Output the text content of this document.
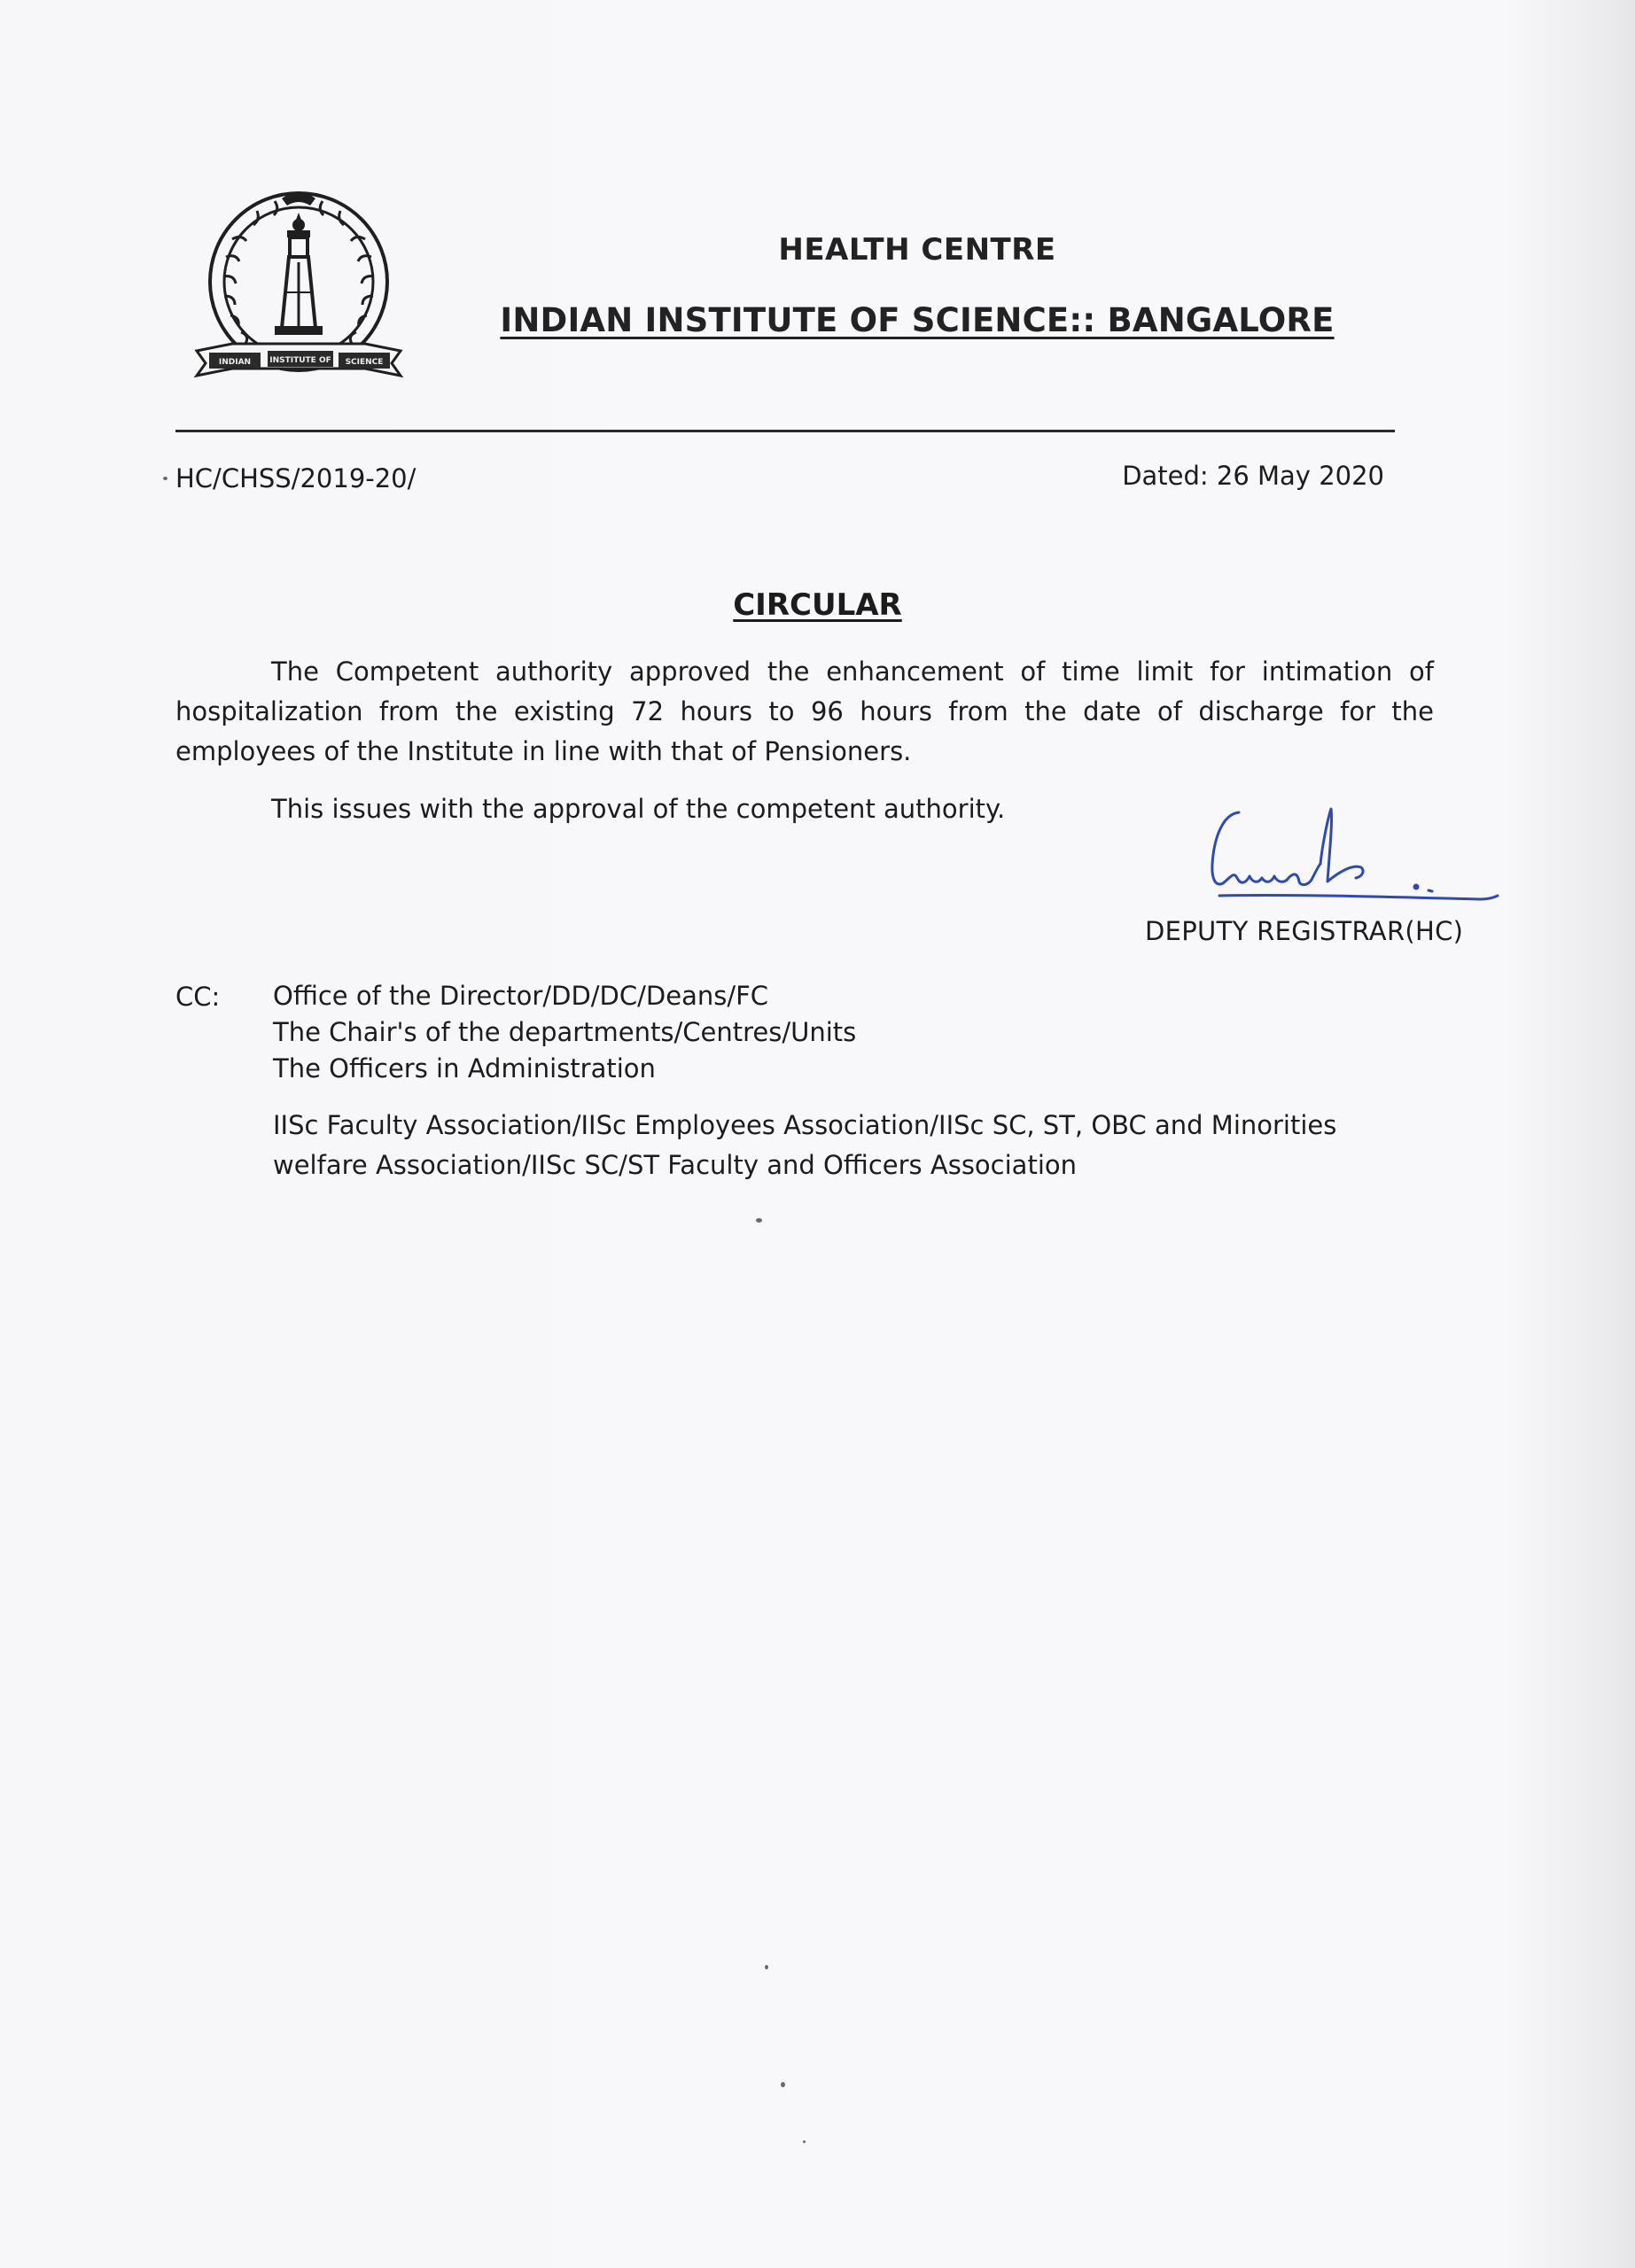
INDIAN INSTITUTE OF SCIENCE
HEALTH CENTRE
INDIAN INSTITUTE OF SCIENCE:: BANGALORE
HC/CHSS/2019-20/	Dated: 26 May 2020
CIRCULAR

The Competent authority approved the enhancement of time limit for intimation of hospitalization from the existing 72 hours to 96 hours from the date of discharge for the employees of the Institute in line with that of Pensioners.

This issues with the approval of the competent authority.

DEPUTY REGISTRAR(HC)
CC: Office of the Director/DD/DC/Deans/FC
The Chair's of the departments/Centres/Units
The Officers in Administration

IISc Faculty Association/IISc Employees Association/IISc SC, ST, OBC and Minorities welfare Association/IISc SC/ST Faculty and Officers Association
